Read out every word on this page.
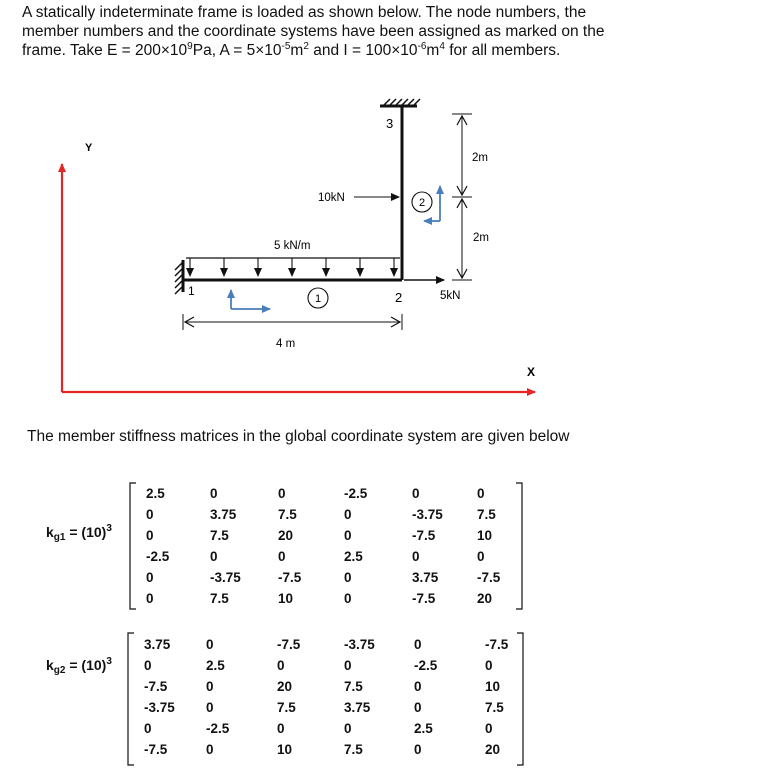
A statically indeterminate frame is loaded as shown below. The node numbers, the
member numbers and the coordinate systems have been assigned as marked on the
frame. Take $E = 200\times 10^9Pa$, $A = 5\times 10^{-5}m^2$ and $I = 100\times 10^{-6}m^4$ for all members.
Y
X
5 kN/m
10kN
5kN
1	2
3
1
2
4 m
2m
2m
The member stiffness matrices in the global coordinate system are given below
$k_{g1} = (10)^3$
2.5	0	0	-2.5	0	0
0	3.75	7.5	0	-3.75	7.5
0	7.5	20	0	-7.5	10
-2.5	0	0	2.5	0	0
0	-3.75	-7.5	0	3.75	-7.5
0	7.5	10	0	-7.5	20
$k_{g2} = (10)^3$
3.75	0	-7.5	-3.75	0	-7.5
0	2.5	0	0	-2.5	0
-7.5	0	20	7.5	0	10
-3.75 0	7.5	3.75	0	7.5
0	-2.5	0	0	2.5	0
-7.5	0	10	7.5	0	20
